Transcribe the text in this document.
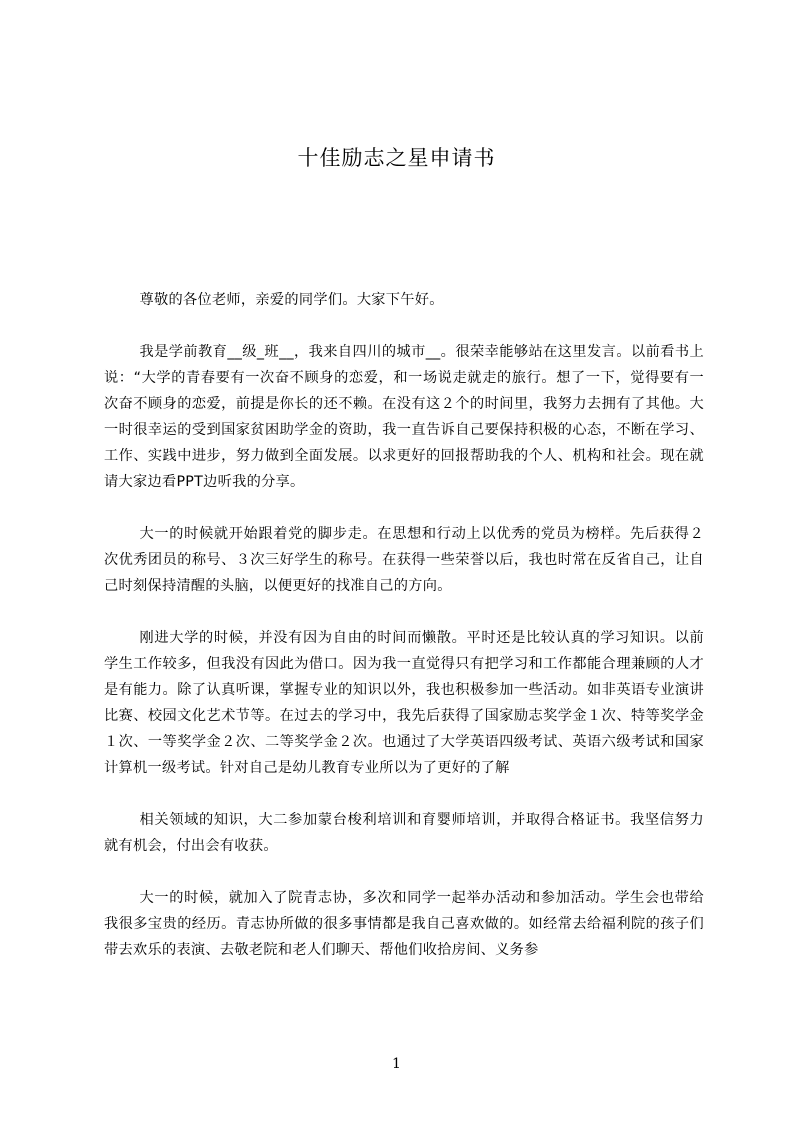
十佳励志之星申请书

尊敬的各位老师，亲爱的同学们。大家下午好。

我是学前教育__级_班__，我来自四川的城市__。很荣幸能够站在这里发言。以前看书上说：“大学的青春要有一次奋不顾身的恋爱，和一场说走就走的旅行。想了一下，觉得要有一次奋不顾身的恋爱，前提是你长的还不赖。在没有这２个的时间里，我努力去拥有了其他。大一时很幸运的受到国家贫困助学金的资助，我一直告诉自己要保持积极的心态，不断在学习、工作、实践中进步，努力做到全面发展。以求更好的回报帮助我的个人、机构和社会。现在就请大家边看PPT边听我的分享。

大一的时候就开始跟着党的脚步走。在思想和行动上以优秀的党员为榜样。先后获得２次优秀团员的称号、３次三好学生的称号。在获得一些荣誉以后，我也时常在反省自己，让自己时刻保持清醒的头脑，以便更好的找准自己的方向。

刚进大学的时候，并没有因为自由的时间而懒散。平时还是比较认真的学习知识。以前学生工作较多，但我没有因此为借口。因为我一直觉得只有把学习和工作都能合理兼顾的人才是有能力。除了认真听课，掌握专业的知识以外，我也积极参加一些活动。如非英语专业演讲比赛、校园文化艺术节等。在过去的学习中，我先后获得了国家励志奖学金１次、特等奖学金１次、一等奖学金２次、二等奖学金２次。也通过了大学英语四级考试、英语六级考试和国家计算机一级考试。针对自己是幼儿教育专业所以为了更好的了解

相关领域的知识，大二参加蒙台梭利培训和育婴师培训，并取得合格证书。我坚信努力就有机会，付出会有收获。

大一的时候，就加入了院青志协，多次和同学一起举办活动和参加活动。学生会也带给我很多宝贵的经历。青志协所做的很多事情都是我自己喜欢做的。如经常去给福利院的孩子们带去欢乐的表演、去敬老院和老人们聊天、帮他们收拾房间、义务参

1
